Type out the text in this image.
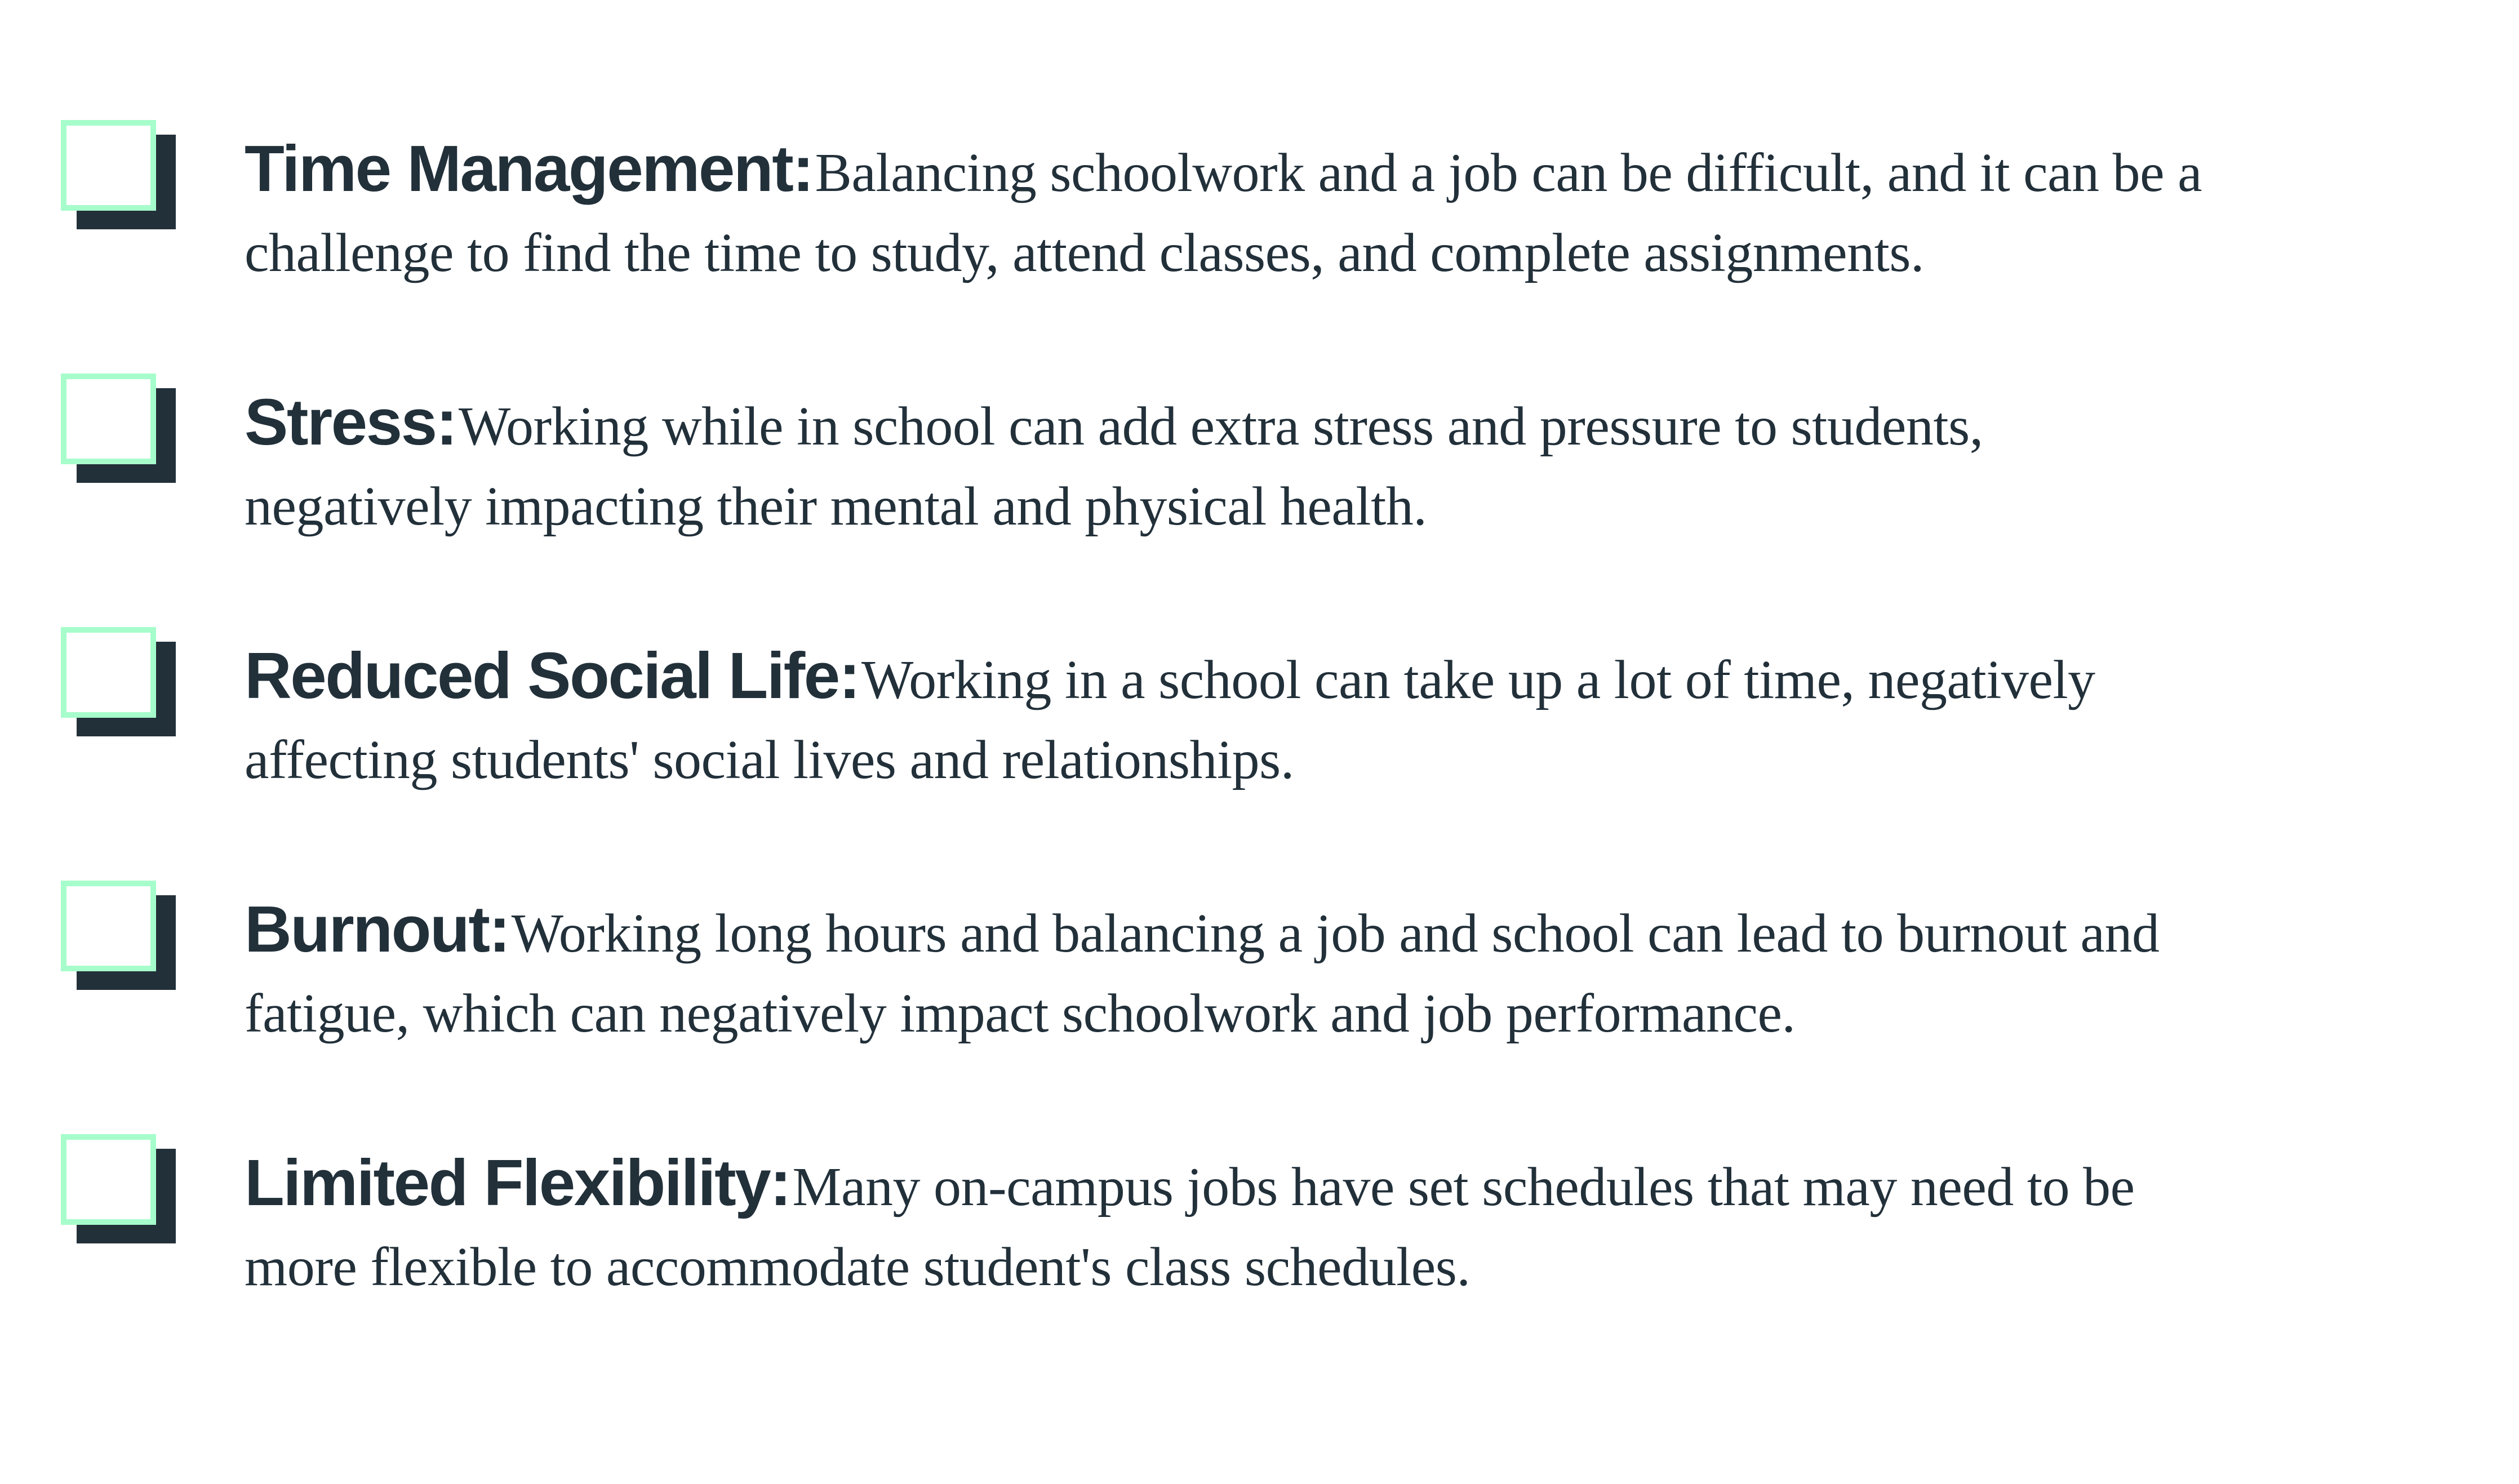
Time Management: Balancing schoolwork and a job can be difficult, and it can be a
challenge to find the time to study, attend classes, and complete assignments.
Stress: Working while in school can add extra stress and pressure to students,
negatively impacting their mental and physical health.
Reduced Social Life: Working in a school can take up a lot of time, negatively
affecting students' social lives and relationships.
Burnout: Working long hours and balancing a job and school can lead to burnout and
fatigue, which can negatively impact schoolwork and job performance.
Limited Flexibility: Many on-campus jobs have set schedules that may need to be
more flexible to accommodate student's class schedules.
